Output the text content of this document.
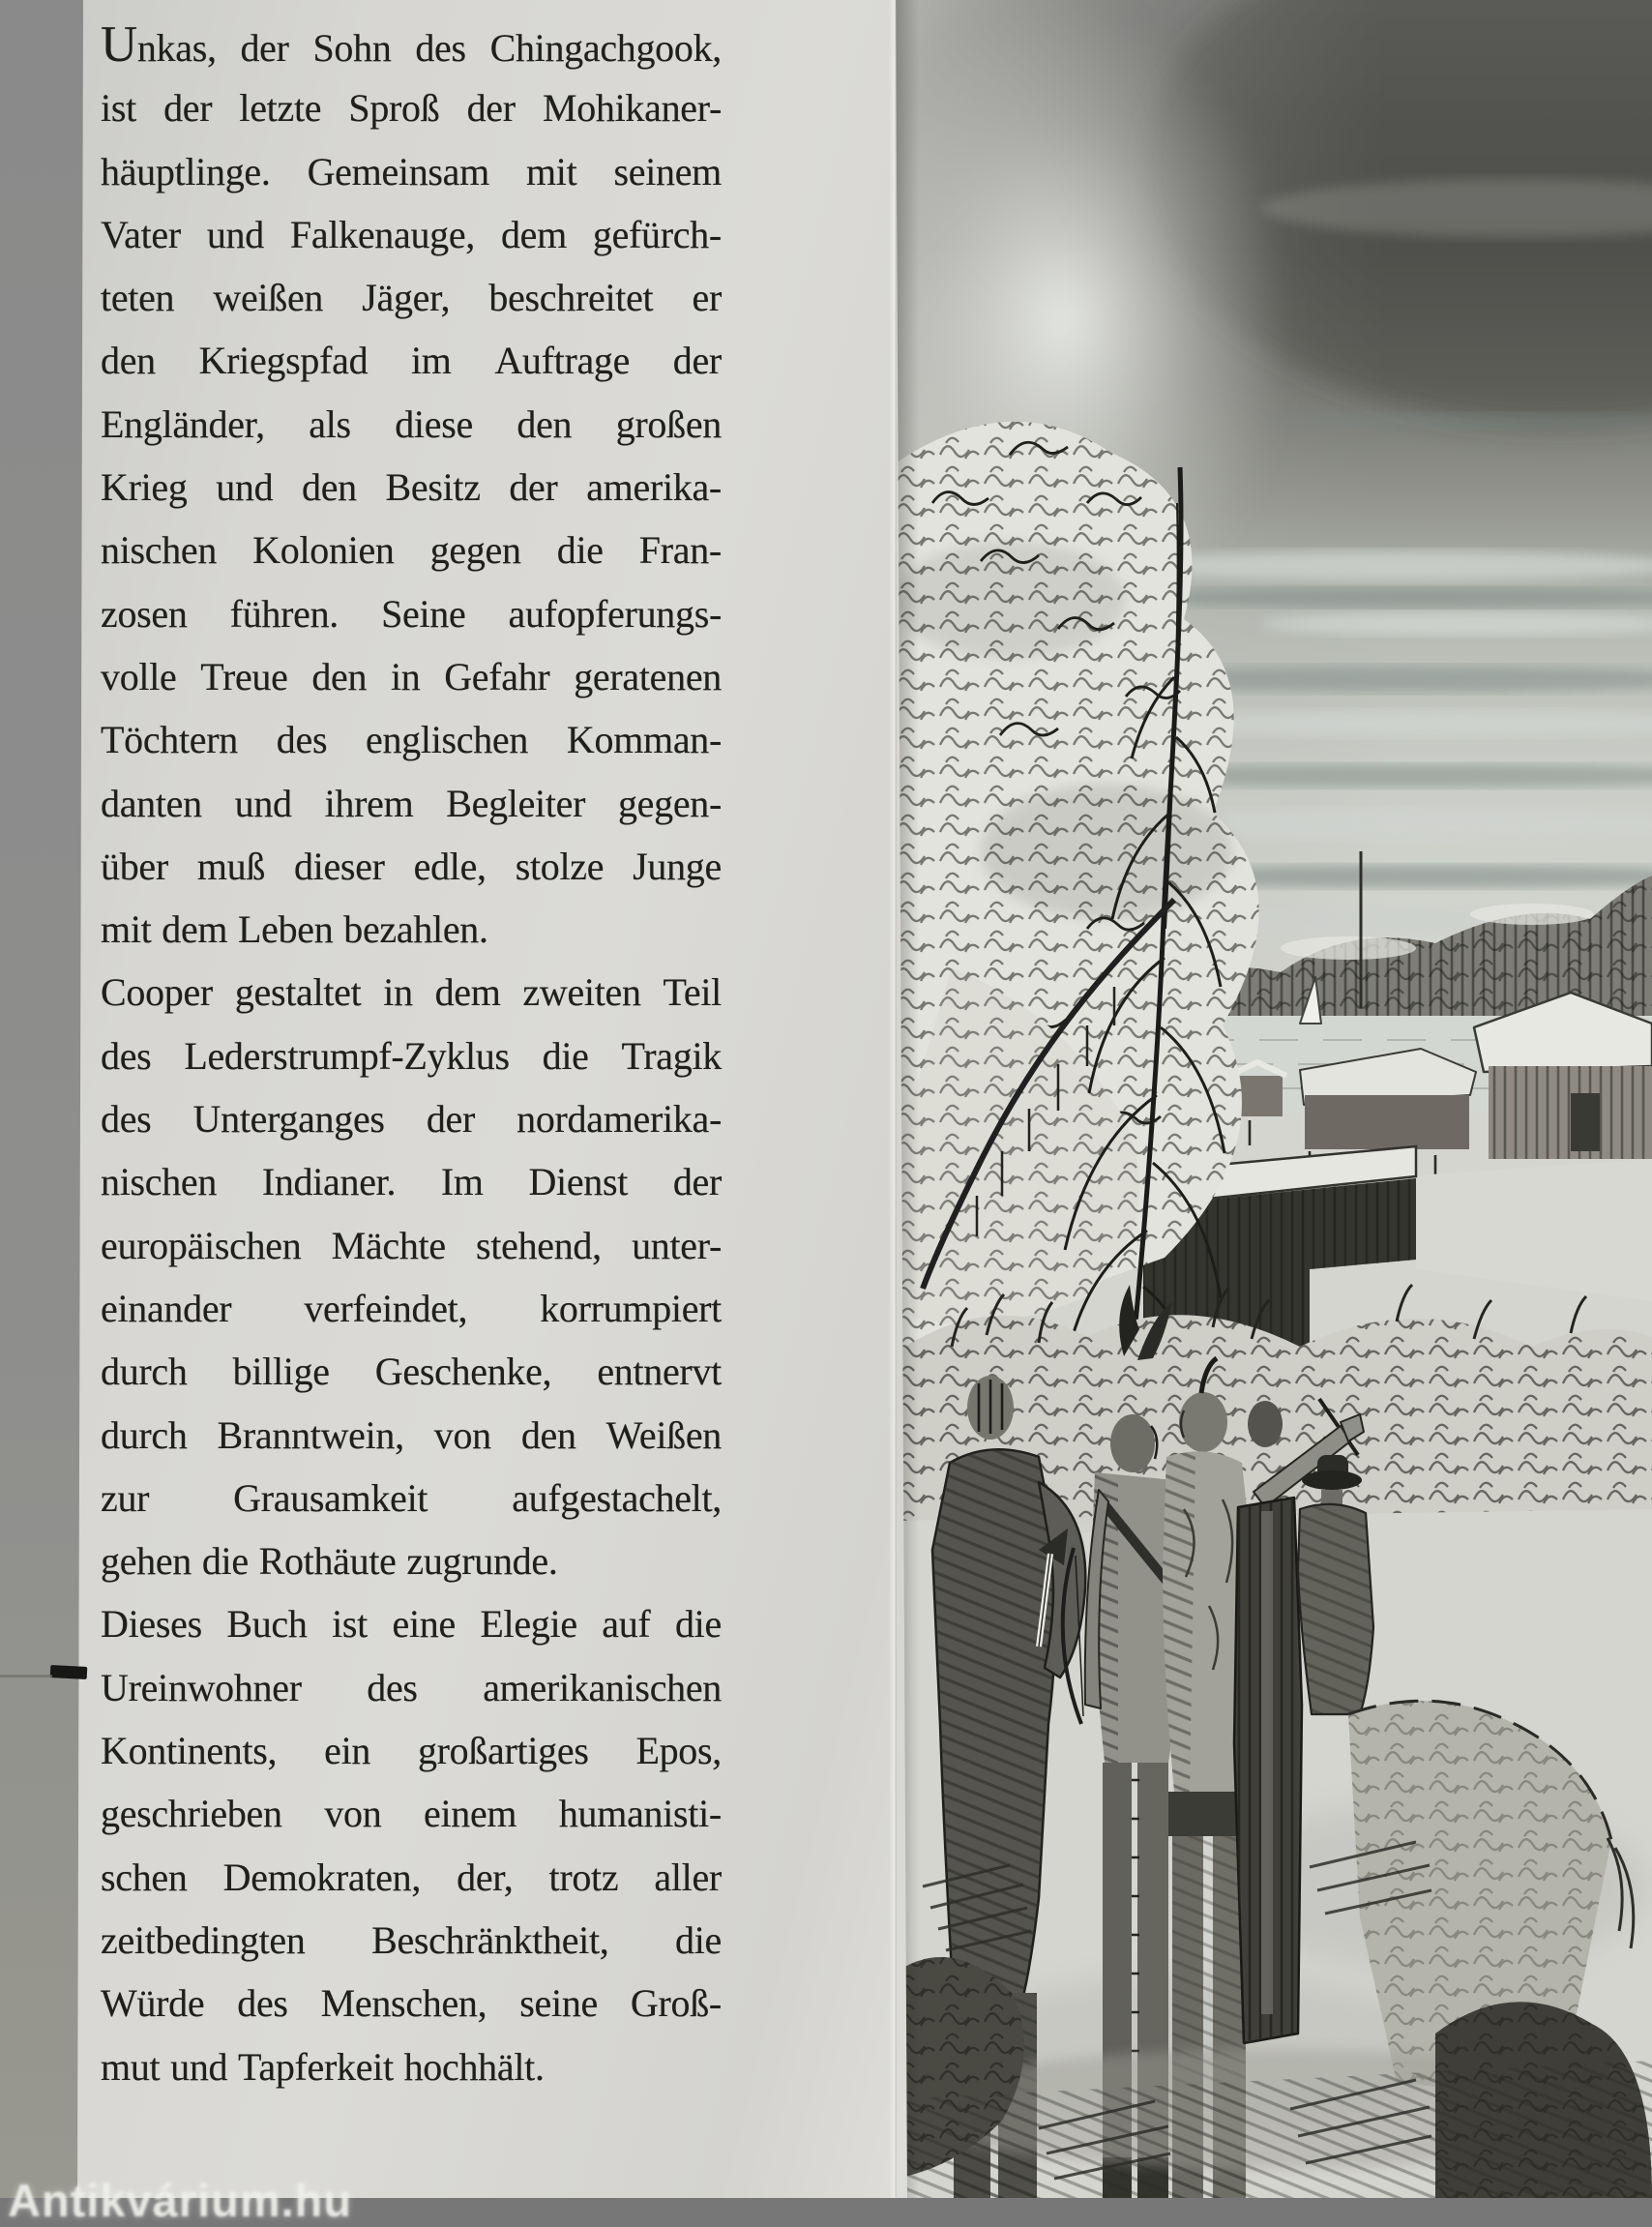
Unkas, der Sohn des Chingachgook,
ist der letzte Sproß der Mohikaner-
häuptlinge. Gemeinsam mit seinem
Vater und Falkenauge, dem gefürch-
teten weißen Jäger, beschreitet er
den Kriegspfad im Auftrage der
Engländer, als diese den großen
Krieg und den Besitz der amerika-
nischen Kolonien gegen die Fran-
zosen führen. Seine aufopferungs-
volle Treue den in Gefahr geratenen
Töchtern des englischen Komman-
danten und ihrem Begleiter gegen-
über muß dieser edle, stolze Junge
mit dem Leben bezahlen.
Cooper gestaltet in dem zweiten Teil
des Lederstrumpf-Zyklus die Tragik
des Unterganges der nordamerika-
nischen Indianer. Im Dienst der
europäischen Mächte stehend, unter-
einander verfeindet, korrumpiert
durch billige Geschenke, entnervt
durch Branntwein, von den Weißen
zur Grausamkeit aufgestachelt,
gehen die Rothäute zugrunde.
Dieses Buch ist eine Elegie auf die
Ureinwohner des amerikanischen
Kontinents, ein großartiges Epos,
geschrieben von einem humanisti-
schen Demokraten, der, trotz aller
zeitbedingten Beschränktheit, die
Würde des Menschen, seine Groß-
mut und Tapferkeit hochhält.
Antikvárium.hu
